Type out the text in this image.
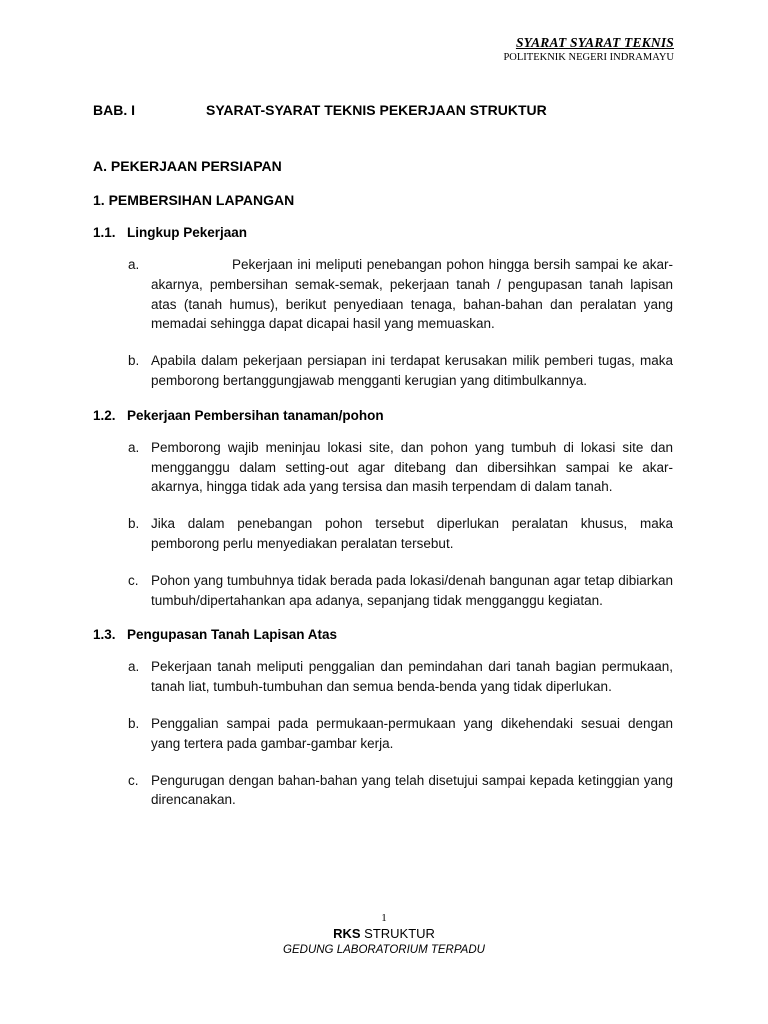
SYARAT SYARAT TEKNIS
POLITEKNIK NEGERI INDRAMAYU
BAB. I	SYARAT-SYARAT TEKNIS PEKERJAAN STRUKTUR
A. PEKERJAAN PERSIAPAN
1. PEMBERSIHAN LAPANGAN
1.1. Lingkup Pekerjaan
a.	Pekerjaan ini meliputi penebangan pohon hingga bersih sampai ke akar-akarnya, pembersihan semak-semak, pekerjaan tanah / pengupasan tanah lapisan atas (tanah humus), berikut penyediaan tenaga, bahan-bahan dan peralatan yang memadai sehingga dapat dicapai hasil yang memuaskan.
b. Apabila dalam pekerjaan persiapan ini terdapat kerusakan milik pemberi tugas, maka pemborong bertanggungjawab mengganti kerugian yang ditimbulkannya.
1.2. Pekerjaan Pembersihan tanaman/pohon
a. Pemborong wajib meninjau lokasi site, dan pohon yang tumbuh di lokasi site dan mengganggu dalam setting-out agar ditebang dan dibersihkan sampai ke akar-akarnya, hingga tidak ada yang tersisa dan masih terpendam di dalam tanah.
b. Jika dalam penebangan pohon tersebut diperlukan peralatan khusus, maka pemborong perlu menyediakan peralatan tersebut.
c. Pohon yang tumbuhnya tidak berada pada lokasi/denah bangunan agar tetap dibiarkan tumbuh/dipertahankan apa adanya, sepanjang tidak mengganggu kegiatan.
1.3. Pengupasan Tanah Lapisan Atas
a. Pekerjaan tanah meliputi penggalian dan pemindahan dari tanah bagian permukaan, tanah liat, tumbuh-tumbuhan dan semua benda-benda yang tidak diperlukan.
b. Penggalian sampai pada permukaan-permukaan yang dikehendaki sesuai dengan yang tertera pada gambar-gambar kerja.
c. Pengurugan dengan bahan-bahan yang telah disetujui sampai kepada ketinggian yang direncanakan.
1
RKS STRUKTUR
GEDUNG LABORATORIUM TERPADU
